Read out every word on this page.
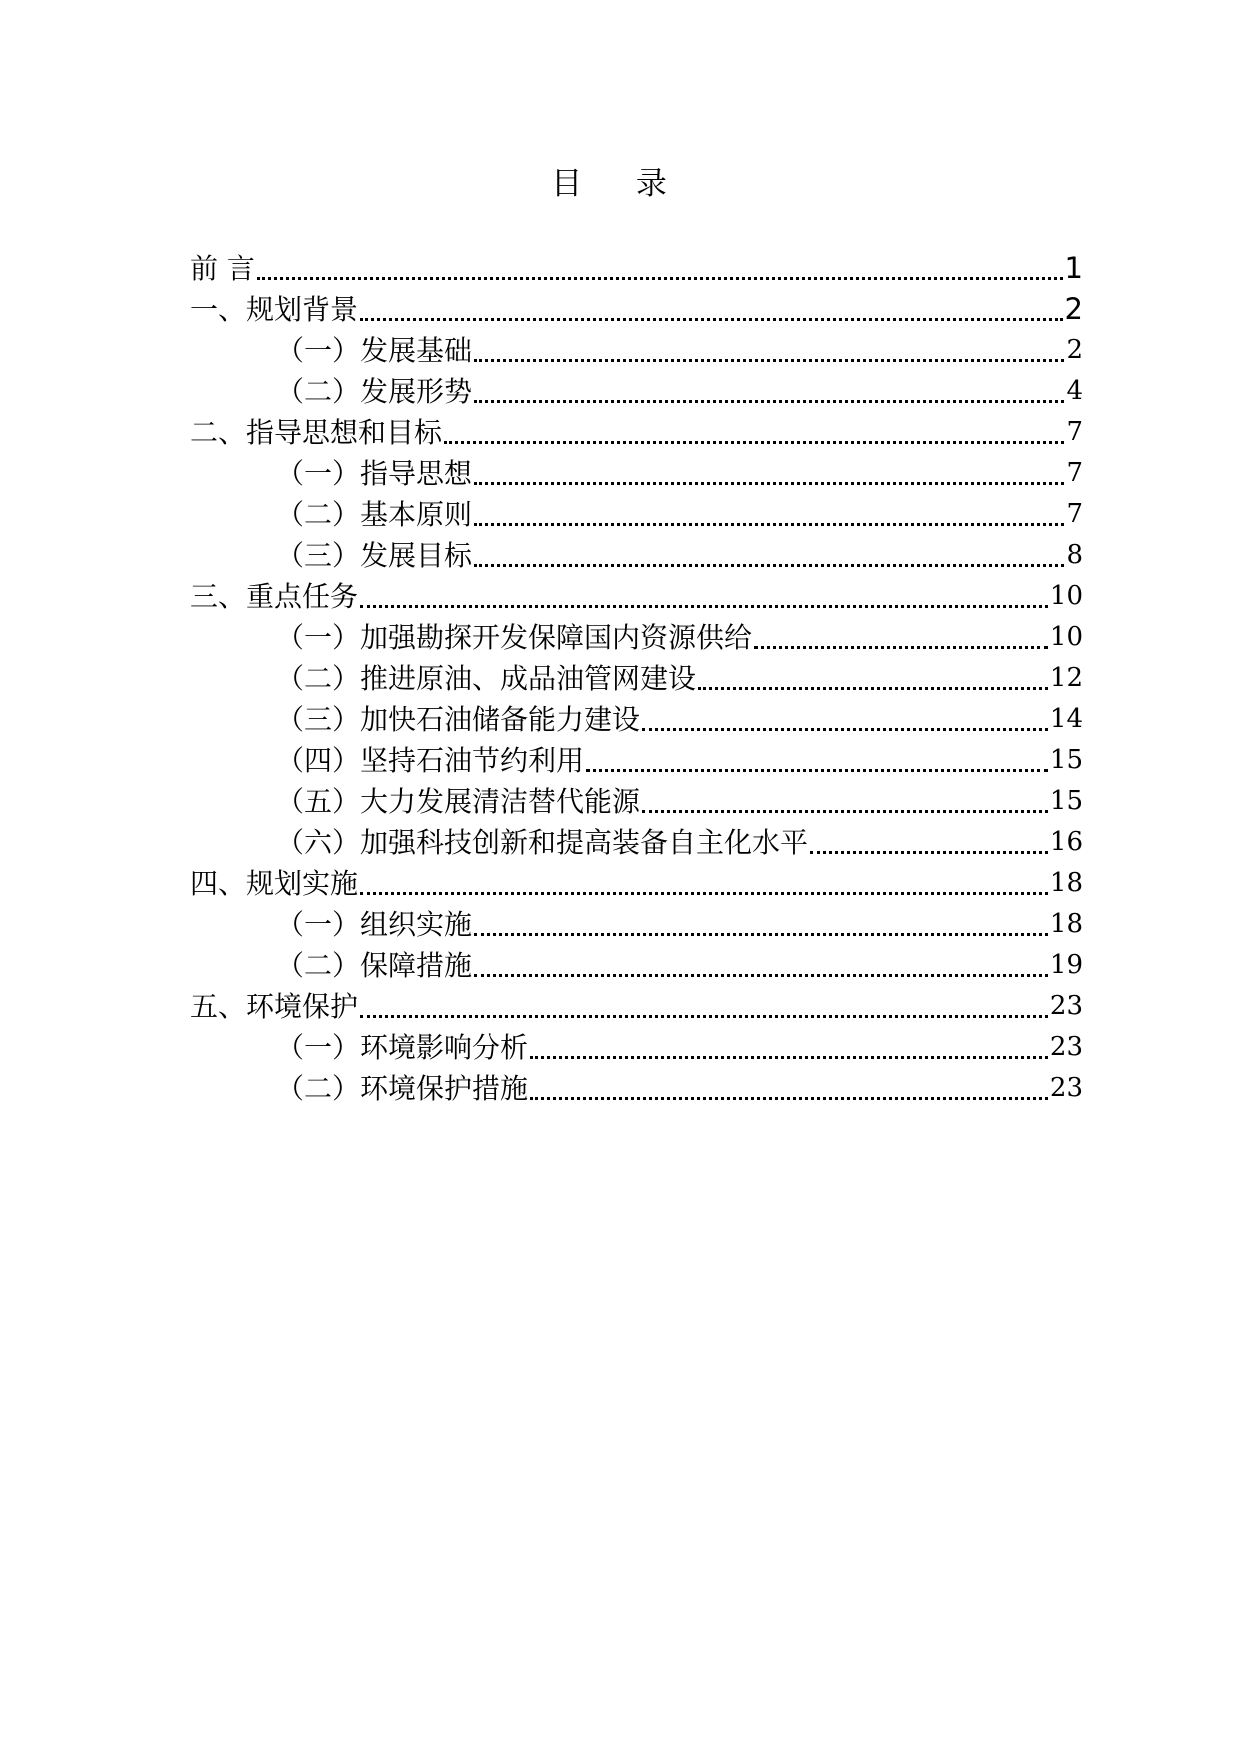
目 录
前 言	1
一、规划背景	2
（一）发展基础	2
（二）发展形势	4
二、指导思想和目标	7
（一）指导思想	7
（二）基本原则	7
（三）发展目标	8
三、重点任务	10
（一）加强勘探开发保障国内资源供给	10
（二）推进原油、成品油管网建设	12
（三）加快石油储备能力建设	14
（四）坚持石油节约利用	15
（五）大力发展清洁替代能源	15
（六）加强科技创新和提高装备自主化水平	16
四、规划实施	18
（一）组织实施	18
（二）保障措施	19
五、环境保护	23
（一）环境影响分析	23
（二）环境保护措施	23
